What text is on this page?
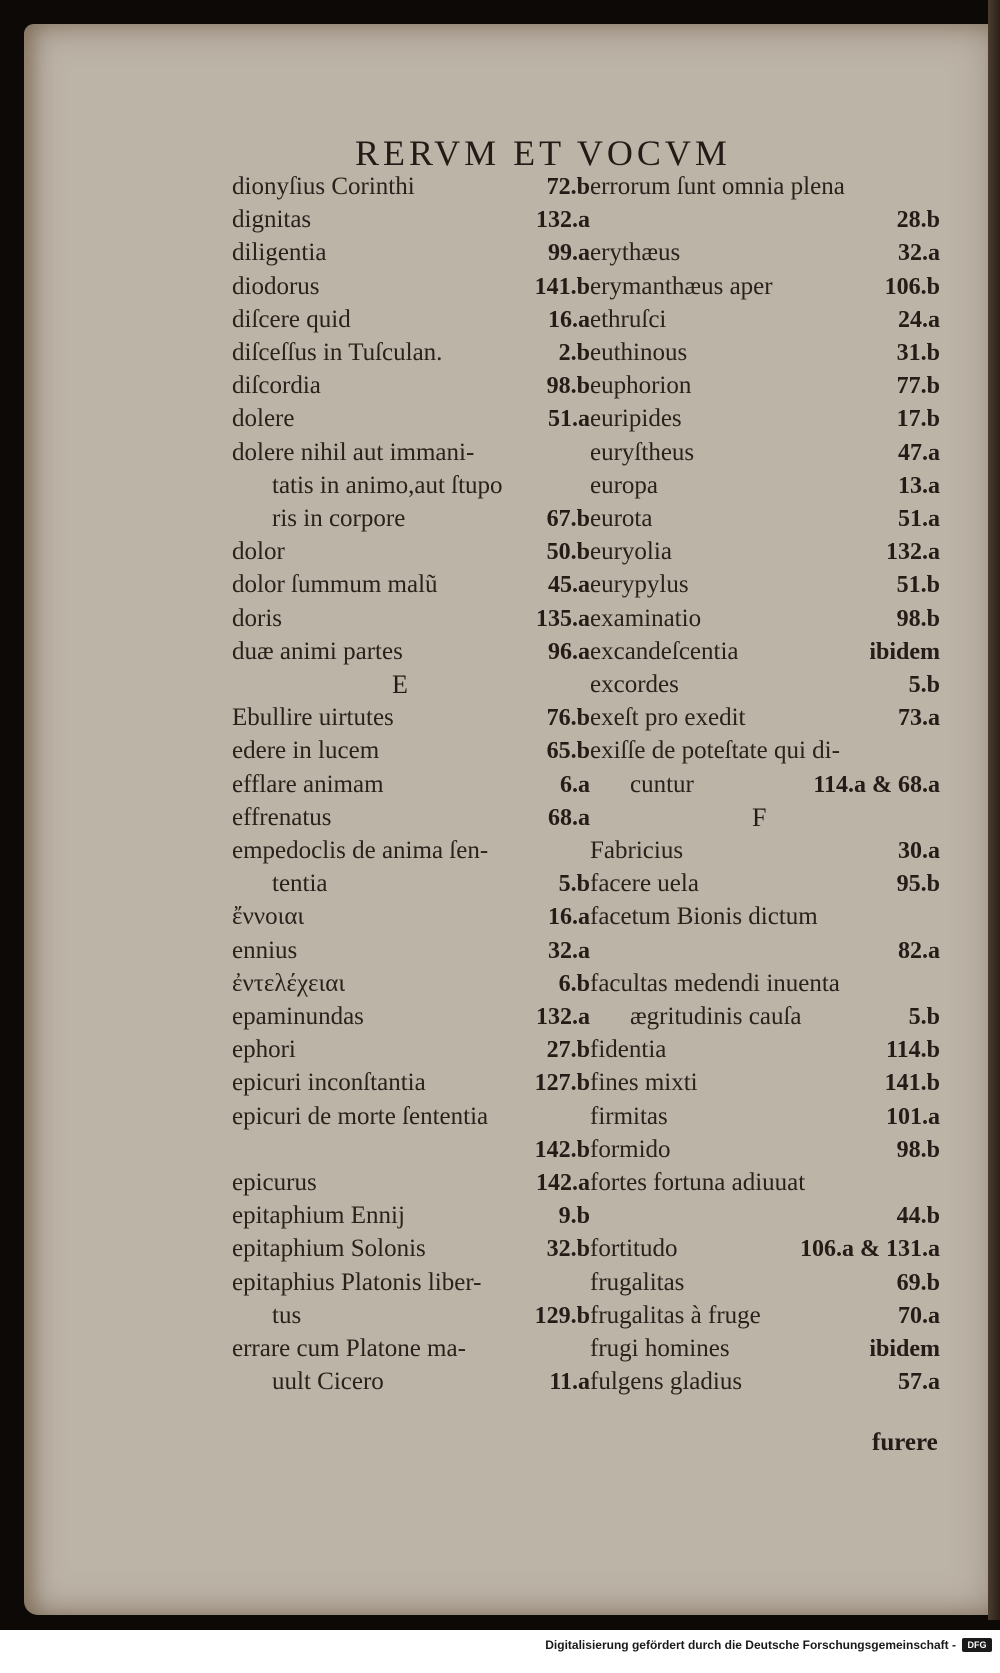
RERVM ET VOCVM
dionyſius Corinthi	72.b
dignitas	132.a
diligentia	99.a
diodorus	141.b
diſcere quid	16.a
diſceſſus in Tuſculan.	2.b
diſcordia	98.b
dolere	51.a
dolere nihil aut immani-
tatis in animo,aut ſtupo
ris in corpore	67.b
dolor	50.b
dolor ſummum malũ	45.a
doris	135.a
duæ animi partes	96.a
E
Ebullire uirtutes	76.b
edere in lucem	65.b
efflare animam	6.a
effrenatus	68.a
empedoclis de anima ſen-
tentia	5.b
ἔννοιαι	16.a
ennius	32.a
ἐντελέχειαι	6.b
epaminundas	132.a
ephori	27.b
epicuri inconſtantia	127.b
epicuri de morte ſententia
142.b
epicurus	142.a
epitaphium Ennij	9.b
epitaphium Solonis	32.b
epitaphius Platonis liber-
tus	129.b
errare cum Platone ma-
uult Cicero	11.a
errorum ſunt omnia plena
28.b
erythæus	32.a
erymanthæus aper	106.b
ethruſci	24.a
euthinous	31.b
euphorion	77.b
euripides	17.b
euryſtheus	47.a
europa	13.a
eurota	51.a
euryolia	132.a
eurypylus	51.b
examinatio	98.b
excandeſcentia	ibidem
excordes	5.b
exeſt pro exedit	73.a
exiſſe de poteſtate qui di-
cuntur	114.a & 68.a
F
Fabricius	30.a
facere uela	95.b
facetum Bionis dictum
82.a
facultas medendi inuenta
ægritudinis cauſa	5.b
fidentia	114.b
fines mixti	141.b
firmitas	101.a
formido	98.b
fortes fortuna adiuuat
44.b
fortitudo	106.a & 131.a
frugalitas	69.b
frugalitas à fruge	70.a
frugi homines	ibidem
fulgens gladius	57.a
furere
Digitalisierung gefördert durch die Deutsche Forschungsgemeinschaft -	DFG
